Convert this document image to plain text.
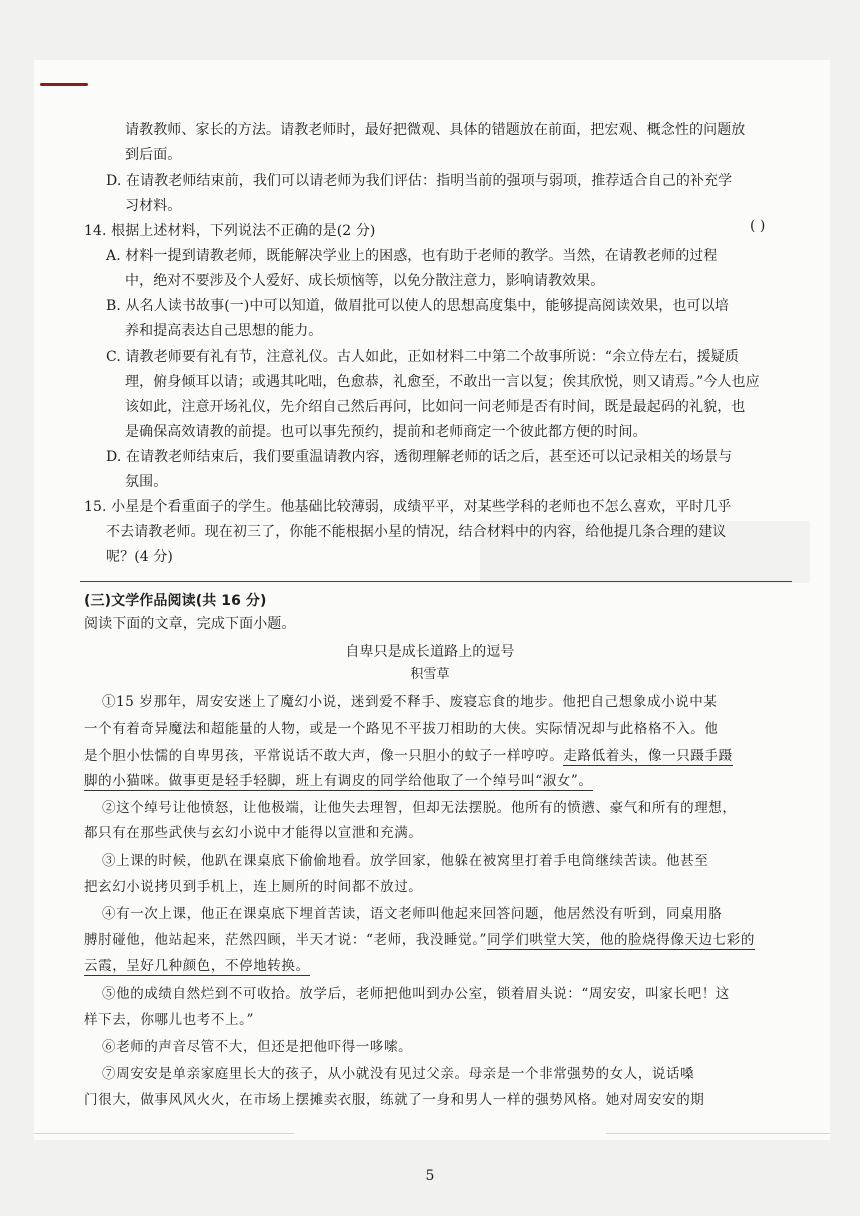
请教教师、家长的方法。请教老师时，最好把微观、具体的错题放在前面，把宏观、概念性的问题放
到后面。
D. 在请教老师结束前，我们可以请老师为我们评估：指明当前的强项与弱项，推荐适合自己的补充学
习材料。
14. 根据上述材料，下列说法不正确的是(2 分)	( )
A. 材料一提到请教老师，既能解决学业上的困惑，也有助于老师的教学。当然，在请教老师的过程
中，绝对不要涉及个人爱好、成长烦恼等，以免分散注意力，影响请教效果。
B. 从名人读书故事(一)中可以知道，做眉批可以使人的思想高度集中，能够提高阅读效果，也可以培
养和提高表达自己思想的能力。
C. 请教老师要有礼有节，注意礼仪。古人如此，正如材料二中第二个故事所说：“余立侍左右，援疑质
理，俯身倾耳以请；或遇其叱咄，色愈恭，礼愈至，不敢出一言以复；俟其欣悦，则又请焉。”今人也应
该如此，注意开场礼仪，先介绍自己然后再问，比如问一问老师是否有时间，既是最起码的礼貌，也
是确保高效请教的前提。也可以事先预约，提前和老师商定一个彼此都方便的时间。
D. 在请教老师结束后，我们要重温请教内容，透彻理解老师的话之后，甚至还可以记录相关的场景与
氛围。
15. 小星是个看重面子的学生。他基础比较薄弱，成绩平平，对某些学科的老师也不怎么喜欢，平时几乎
不去请教老师。现在初三了，你能不能根据小星的情况，结合材料中的内容，给他提几条合理的建议
呢？(4 分)
(三)文学作品阅读(共 16 分)
阅读下面的文章，完成下面小题。
自卑只是成长道路上的逗号
积雪草
①15 岁那年，周安安迷上了魔幻小说，迷到爱不释手、废寝忘食的地步。他把自己想象成小说中某
一个有着奇异魔法和超能量的人物，或是一个路见不平拔刀相助的大侠。实际情况却与此格格不入。他
是个胆小怯懦的自卑男孩，平常说话不敢大声，像一只胆小的蚊子一样哼哼。走路低着头，像一只蹑手蹑
脚的小猫咪。做事更是轻手轻脚，班上有调皮的同学给他取了一个绰号叫“淑女”。
②这个绰号让他愤怒，让他极端，让他失去理智，但却无法摆脱。他所有的愤懑、豪气和所有的理想，
都只有在那些武侠与玄幻小说中才能得以宣泄和充满。
③上课的时候，他趴在课桌底下偷偷地看。放学回家，他躲在被窝里打着手电筒继续苦读。他甚至
把玄幻小说拷贝到手机上，连上厕所的时间都不放过。
④有一次上课，他正在课桌底下埋首苦读，语文老师叫他起来回答问题，他居然没有听到，同桌用胳
膊肘碰他，他站起来，茫然四顾，半天才说：“老师，我没睡觉。”同学们哄堂大笑，他的脸烧得像天边七彩的
云霞，呈好几种颜色，不停地转换。
⑤他的成绩自然烂到不可收拾。放学后，老师把他叫到办公室，锁着眉头说：“周安安，叫家长吧！这
样下去，你哪儿也考不上。”
⑥老师的声音尽管不大，但还是把他吓得一哆嗦。
⑦周安安是单亲家庭里长大的孩子，从小就没有见过父亲。母亲是一个非常强势的女人，说话嗓
门很大，做事风风火火，在市场上摆摊卖衣服，练就了一身和男人一样的强势风格。她对周安安的期
5
